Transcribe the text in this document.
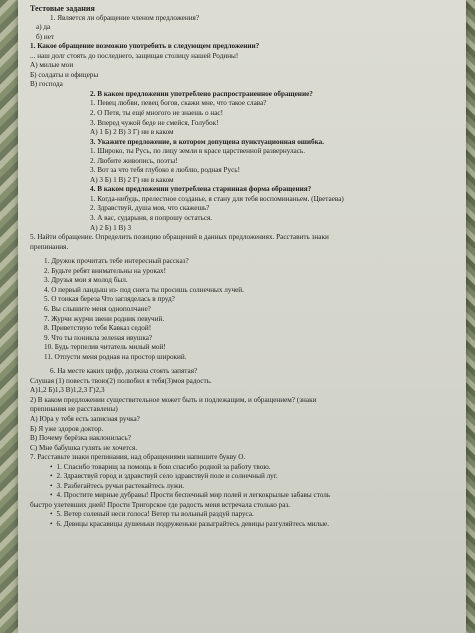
Тестовые задания
1. Является ли обращение членом предложения?
а) да
б) нет
1. Какое обращение возможно употребить в следующем предложении?
... наш долг стоять до последнего, защищая столицу нашей Родины!
А) милые мои
Б) солдаты и офицеры
В) господа
2. В каком предложении употреблено распространенное обращение?
1. Певец любви, певец богов, скажи мне, что такое слава?
2. О Петя, ты ещё многого не знаешь о нас!
3. Вперед чужой беде не смейся, Голубок!
А) 1 Б) 2 В) 3 Г) ни в каком
3. Укажите предложение, в котором допущена пунктуационная ошибка.
1. Широко, ты Русь, по лицу земли в красе царственной развернулась.
2. Любите живопись, поэты!
3. Вот за что тебя глубоко я люблю, родная Русь!
А) 3 Б) 1 В) 2 Г) ни в каком
4. В каком предложении употреблена старинная форма обращения?
1. Когда-нибудь, прелестное созданье, я стану для тебя воспоминаньем. (Цветаева)
2. Здравствуй, душа моя, что скажешь?
3. А вас, сударыня, я попрошу остаться.
А) 2 Б) 1 В) 3
5. Найти обращение. Определить позицию обращений в данных предложениях. Расставить знаки
препинания.
1. Дружок прочитать тебе интересный рассказ?
2. Будьте ребят внимательны на уроках!
3. Друзья мои я молод был.
4. О первый ландыш из- под снега ты просишь солнечных лучей.
5. О тонкая береза Что загляделась в пруд?
6. Вы слышите меня однополчане?
7. Журчи журчи звени родник певучий.
8. Приветствую тебя Кавказ седой!
9. Что ты поникла зеленая ивушка?
10. Будь терпелив читатель милый мой!
11. Отпусти меня родная на простор широкий.
6. На месте каких цифр, должна стоять запятая?
Слушая (1) повесть твою(2) полюбил я тебя(3)моя радость.
А)1,2 Б)1,3 В)1,2,3 Г)2,3
2) В каком предложении существительное может быть и подлежащим, и обращением? (знаки
препинания не расставлены)
А) Юра у тебя есть записная ручка?
Б) Я уже здоров доктор.
В) Почему берёзка наклонилась?
С) Мне бабушка гулять не хочется.
7. Расставьте знаки препинания, над обращениями напишите букву О.
• 1. Спасибо товарищ за помощь в бою спасибо родной за работу твою.
• 2. Здравствуй город и здравствуй село здравствуй поле и солнечный луг.
• 3. Разбегайтесь ручьи растекайтесь лужи.
• 4. Простите мирные дубравы! Прости беспечный мир полей и легкокрылые забавы столь
быстро улетевших дней! Прости Тригорское где радость меня встречала столько раз.
• 5. Ветер соленый неси голоса! Ветер ты вольный раздуй паруса.
• 6. Девицы красавицы душеньки подруженьки разыграйтесь девицы разгуляйтесь милые.
